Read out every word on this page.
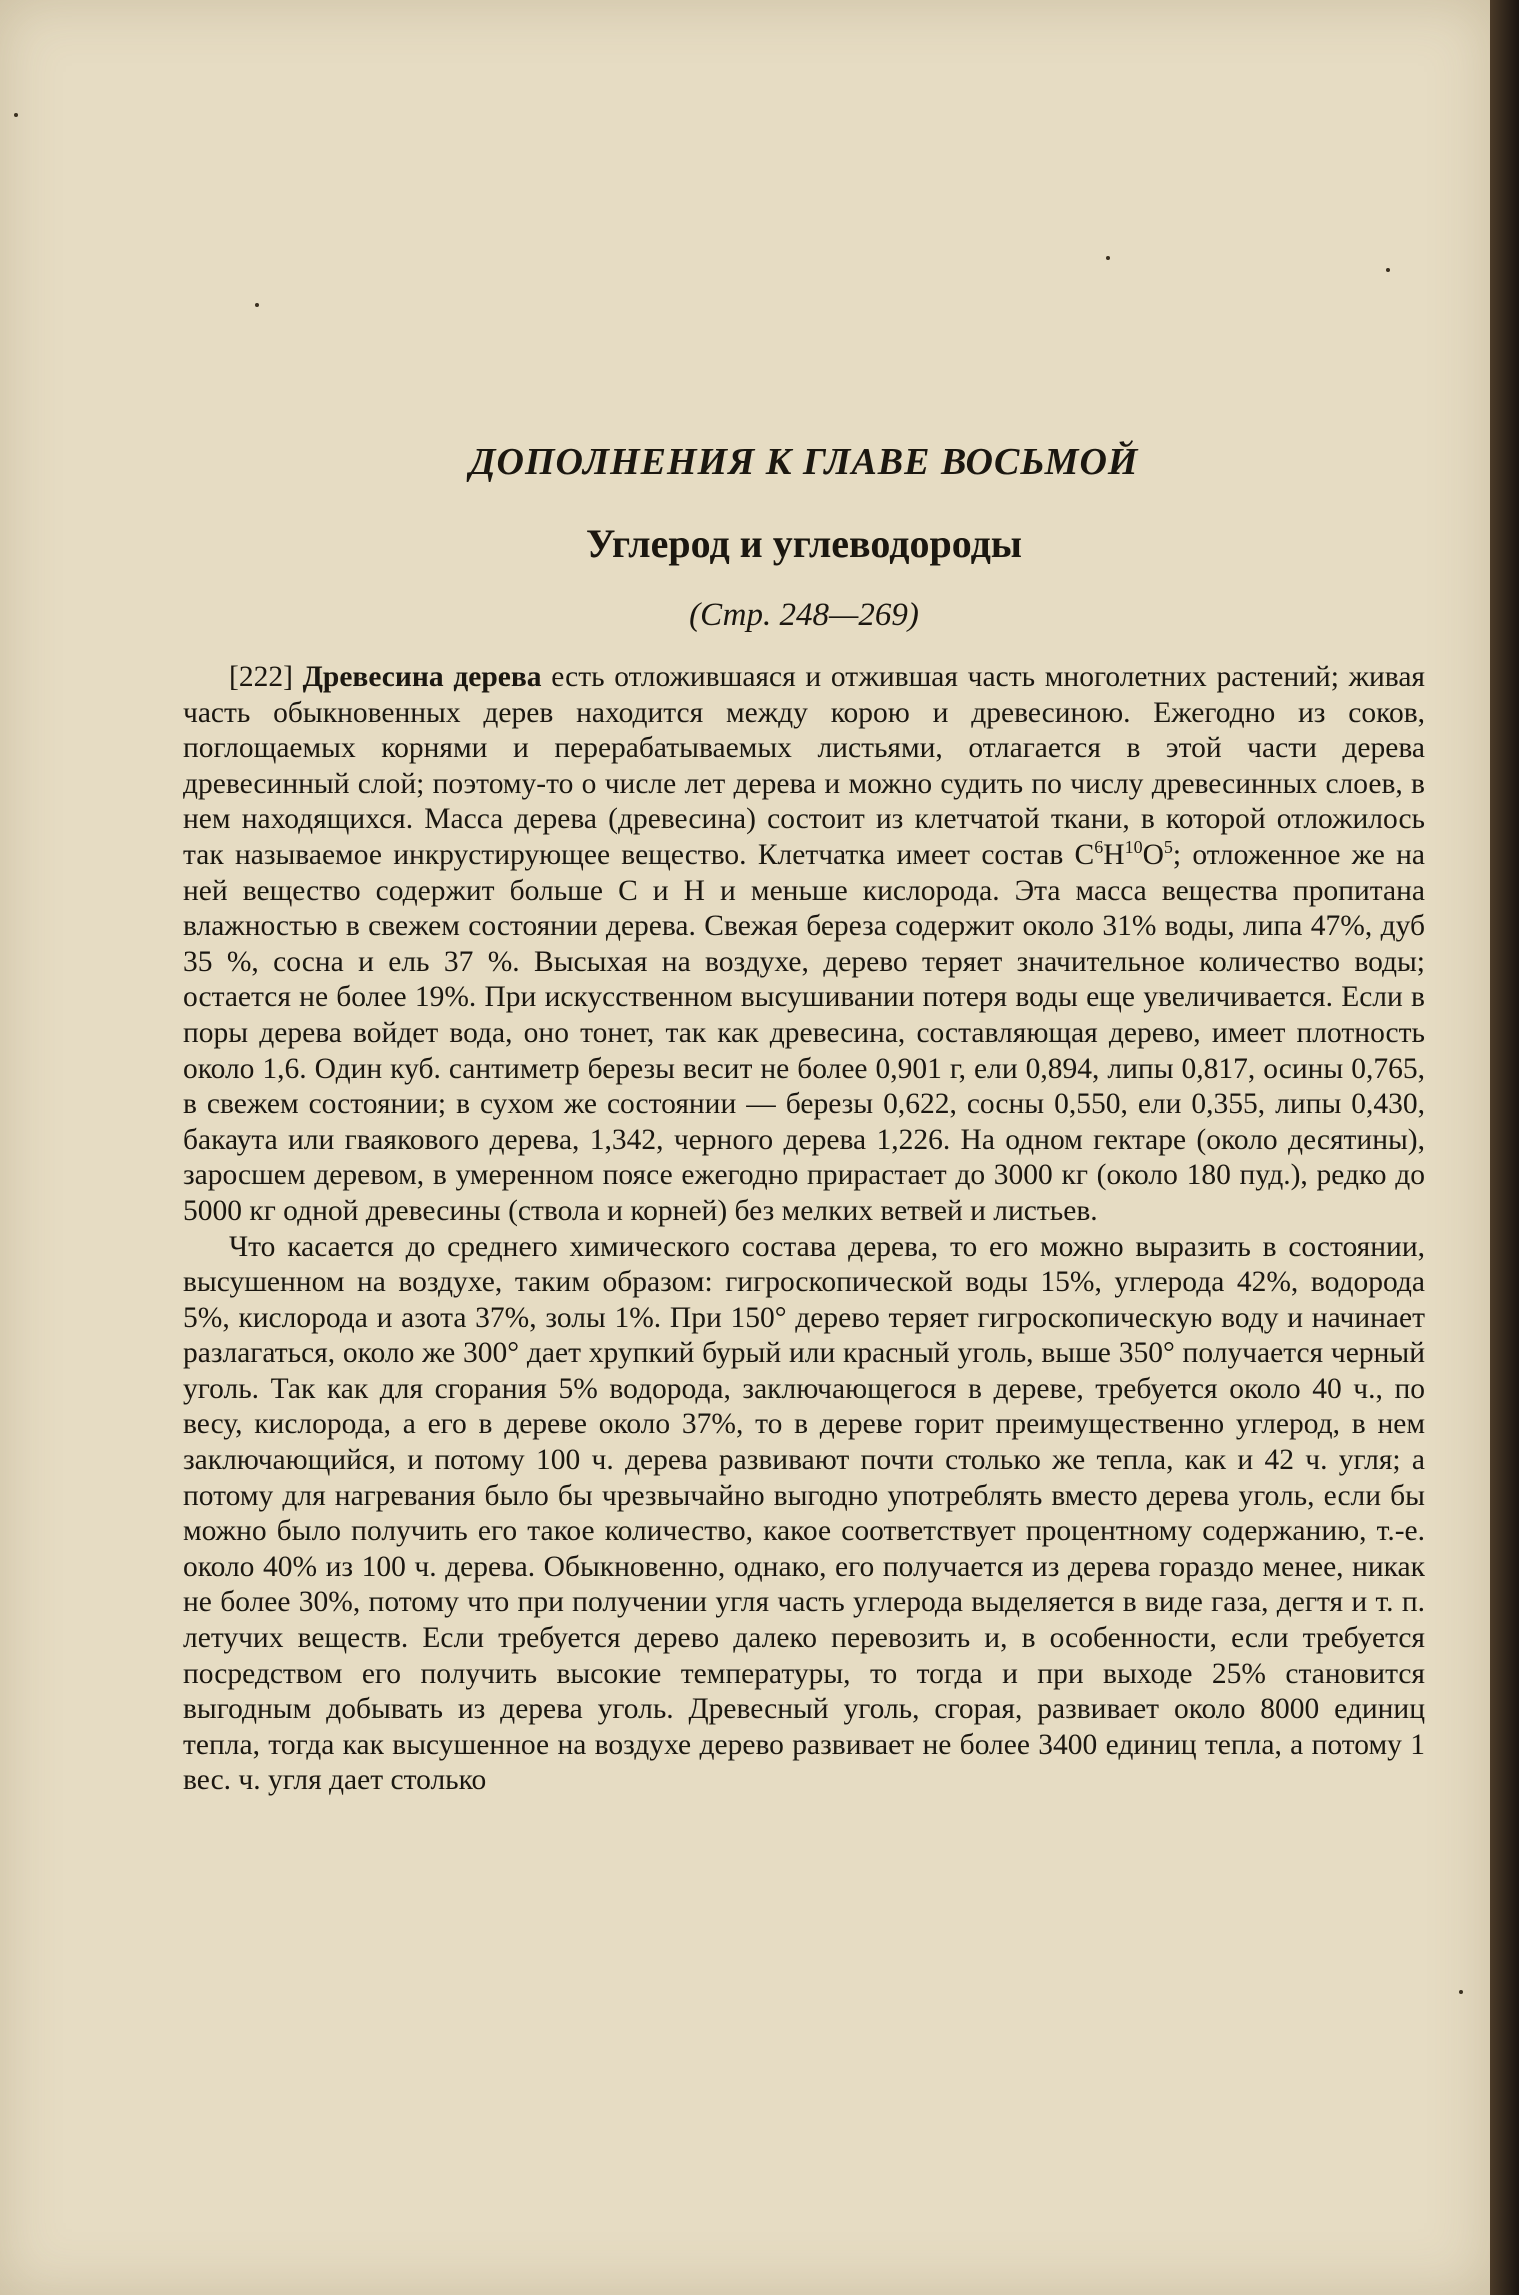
ДОПОЛНЕНИЯ К ГЛАВЕ ВОСЬМОЙ
Углерод и углеводороды
(Стр. 248—269)

[222] Древесина дерева есть отложившаяся и отжившая часть многолетних растений; живая часть обыкновенных дерев находится между корою и древесиною. Ежегодно из соков, поглощаемых корнями и перерабатываемых листьями, отлагается в этой части дерева древесинный слой; поэтому-то о числе лет дерева и можно судить по числу древесинных слоев, в нем находящихся. Масса дерева (древесина) состоит из клетчатой ткани, в которой отложилось так называемое инкрустирующее вещество. Клетчатка имеет состав $C^6H^{10}O^5$; отложенное же на ней вещество содержит больше С и Н и меньше кислорода. Эта масса вещества пропитана влажностью в свежем состоянии дерева. Свежая береза содержит около 31% воды, липа 47%, дуб 35 %, сосна и ель 37 %. Высыхая на воздухе, дерево теряет значительное количество воды; остается не более 19%. При искусственном высушивании потеря воды еще увеличивается. Если в поры дерева войдет вода, оно тонет, так как древесина, составляющая дерево, имеет плотность около 1,6. Один куб. сантиметр березы весит не более 0,901 г, ели 0,894, липы 0,817, осины 0,765, в свежем состоянии; в сухом же состоянии — березы 0,622, сосны 0,550, ели 0,355, липы 0,430, бакаута или гваякового дерева, 1,342, черного дерева 1,226. На одном гектаре (около десятины), заросшем деревом, в умеренном поясе ежегодно прирастает до 3000 кг (около 180 пуд.), редко до 5000 кг одной древесины (ствола и корней) без мелких ветвей и листьев.

Что касается до среднего химического состава дерева, то его можно выразить в состоянии, высушенном на воздухе, таким образом: гигроскопической воды 15%, углерода 42%, водорода 5%, кислорода и азота 37%, золы 1%. При 150° дерево теряет гигроскопическую воду и начинает разлагаться, около же 300° дает хрупкий бурый или красный уголь, выше 350° получается черный уголь. Так как для сгорания 5% водорода, заключающегося в дереве, требуется около 40 ч., по весу, кислорода, а его в дереве около 37%, то в дереве горит преимущественно углерод, в нем заключающийся, и потому 100 ч. дерева развивают почти столько же тепла, как и 42 ч. угля; а потому для нагревания было бы чрезвычайно выгодно употреблять вместо дерева уголь, если бы можно было получить его такое количество, какое соответствует процентному содержанию, т.-е. около 40% из 100 ч. дерева. Обыкновенно, однако, его получается из дерева гораздо менее, никак не более 30%, потому что при получении угля часть углерода выделяется в виде газа, дегтя и т. п. летучих веществ. Если требуется дерево далеко перевозить и, в особенности, если требуется посредством его получить высокие температуры, то тогда и при выходе 25% становится выгодным добывать из дерева уголь. Древесный уголь, сгорая, развивает около 8000 единиц тепла, тогда как высушенное на воздухе дерево развивает не более 3400 единиц тепла, а потому 1 вес. ч. угля дает столько
